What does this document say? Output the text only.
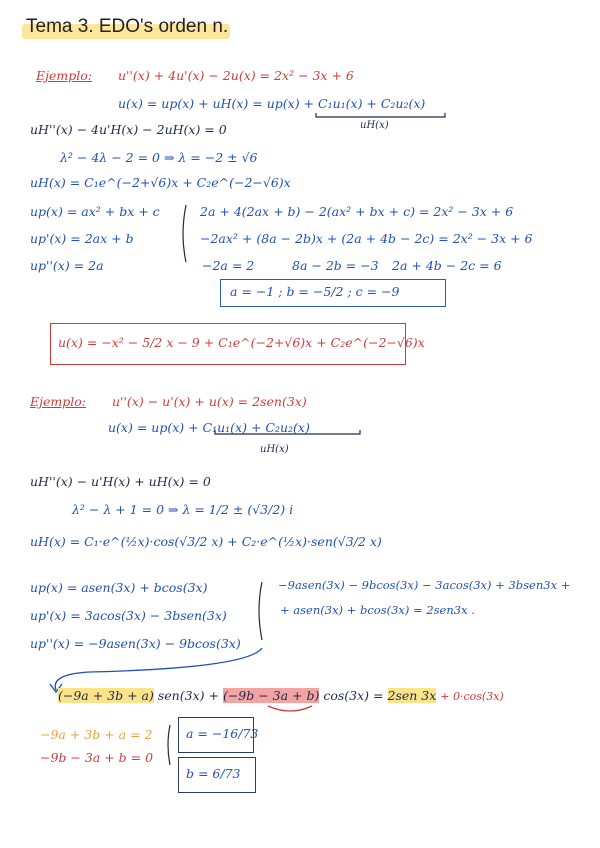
Tema 3. EDO's orden n.
Ejemplo: u''(x) + 4u'(x) − 2u(x) = 2x² − 3x + 6
u(x) = up(x) + uH(x) = up(x) + C₁u₁(x) + C₂u₂(x)
uH(x)
uH''(x) − 4u'H(x) − 2uH(x) = 0
λ² − 4λ − 2 = 0 ⇒ λ = −2 ± √6
uH(x) = C₁e^(−2+√6)x + C₂e^(−2−√6)x
up(x) = ax² + bx + c
up'(x) = 2ax + b
up''(x) = 2a
2a + 4(2ax + b) − 2(ax² + bx + c) = 2x² − 3x + 6
−2ax² + (8a − 2b)x + (2a + 4b − 2c) = 2x² − 3x + 6
−2a = 2	8a − 2b = −3 2a + 4b − 2c = 6
a = −1 ; b = −5/2 ; c = −9
u(x) = −x² − 5/2 x − 9 + C₁e^(−2+√6)x + C₂e^(−2−√6)x
Ejemplo: u''(x) − u'(x) + u(x) = 2sen(3x)
u(x) = up(x) + C₁u₁(x) + C₂u₂(x)
uH(x)
uH''(x) − u'H(x) + uH(x) = 0
λ² − λ + 1 = 0 ⇒ λ = 1/2 ± (√3/2) i
uH(x) = C₁·e^(½x)·cos(√3/2 x) + C₂·e^(½x)·sen(√3/2 x)
up(x) = asen(3x) + bcos(3x)
up'(x) = 3acos(3x) − 3bsen(3x)
up''(x) = −9asen(3x) − 9bcos(3x)
−9asen(3x) − 9bcos(3x) − 3acos(3x) + 3bsen3x +
+ asen(3x) + bcos(3x) = 2sen3x .
(−9a + 3b + a) sen(3x) + (−9b − 3a + b) cos(3x) = 2sen 3x + 0·cos(3x)
−9a + 3b + a = 2
−9b − 3a + b = 0
a = −16/73
b = 6/73
